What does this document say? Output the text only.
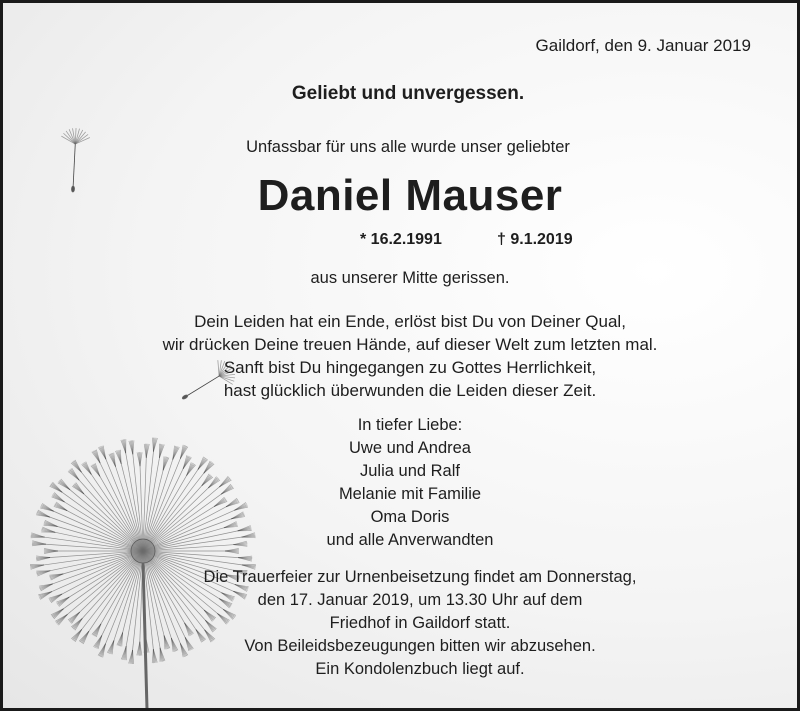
Gaildorf, den 9. Januar 2019
Geliebt und unvergessen.
Unfassbar für uns alle wurde unser geliebter
Daniel Mauser
* 16.2.1991	† 9.1.2019
aus unserer Mitte gerissen.
Dein Leiden hat ein Ende, erlöst bist Du von Deiner Qual,
wir drücken Deine treuen Hände, auf dieser Welt zum letzten mal.
Sanft bist Du hingegangen zu Gottes Herrlichkeit,
hast glücklich überwunden die Leiden dieser Zeit.
In tiefer Liebe:
Uwe und Andrea
Julia und Ralf
Melanie mit Familie
Oma Doris
und alle Anverwandten
Die Trauerfeier zur Urnenbeisetzung findet am Donnerstag,
den 17. Januar 2019, um 13.30 Uhr auf dem
Friedhof in Gaildorf statt.
Von Beileidsbezeugungen bitten wir abzusehen.
Ein Kondolenzbuch liegt auf.
